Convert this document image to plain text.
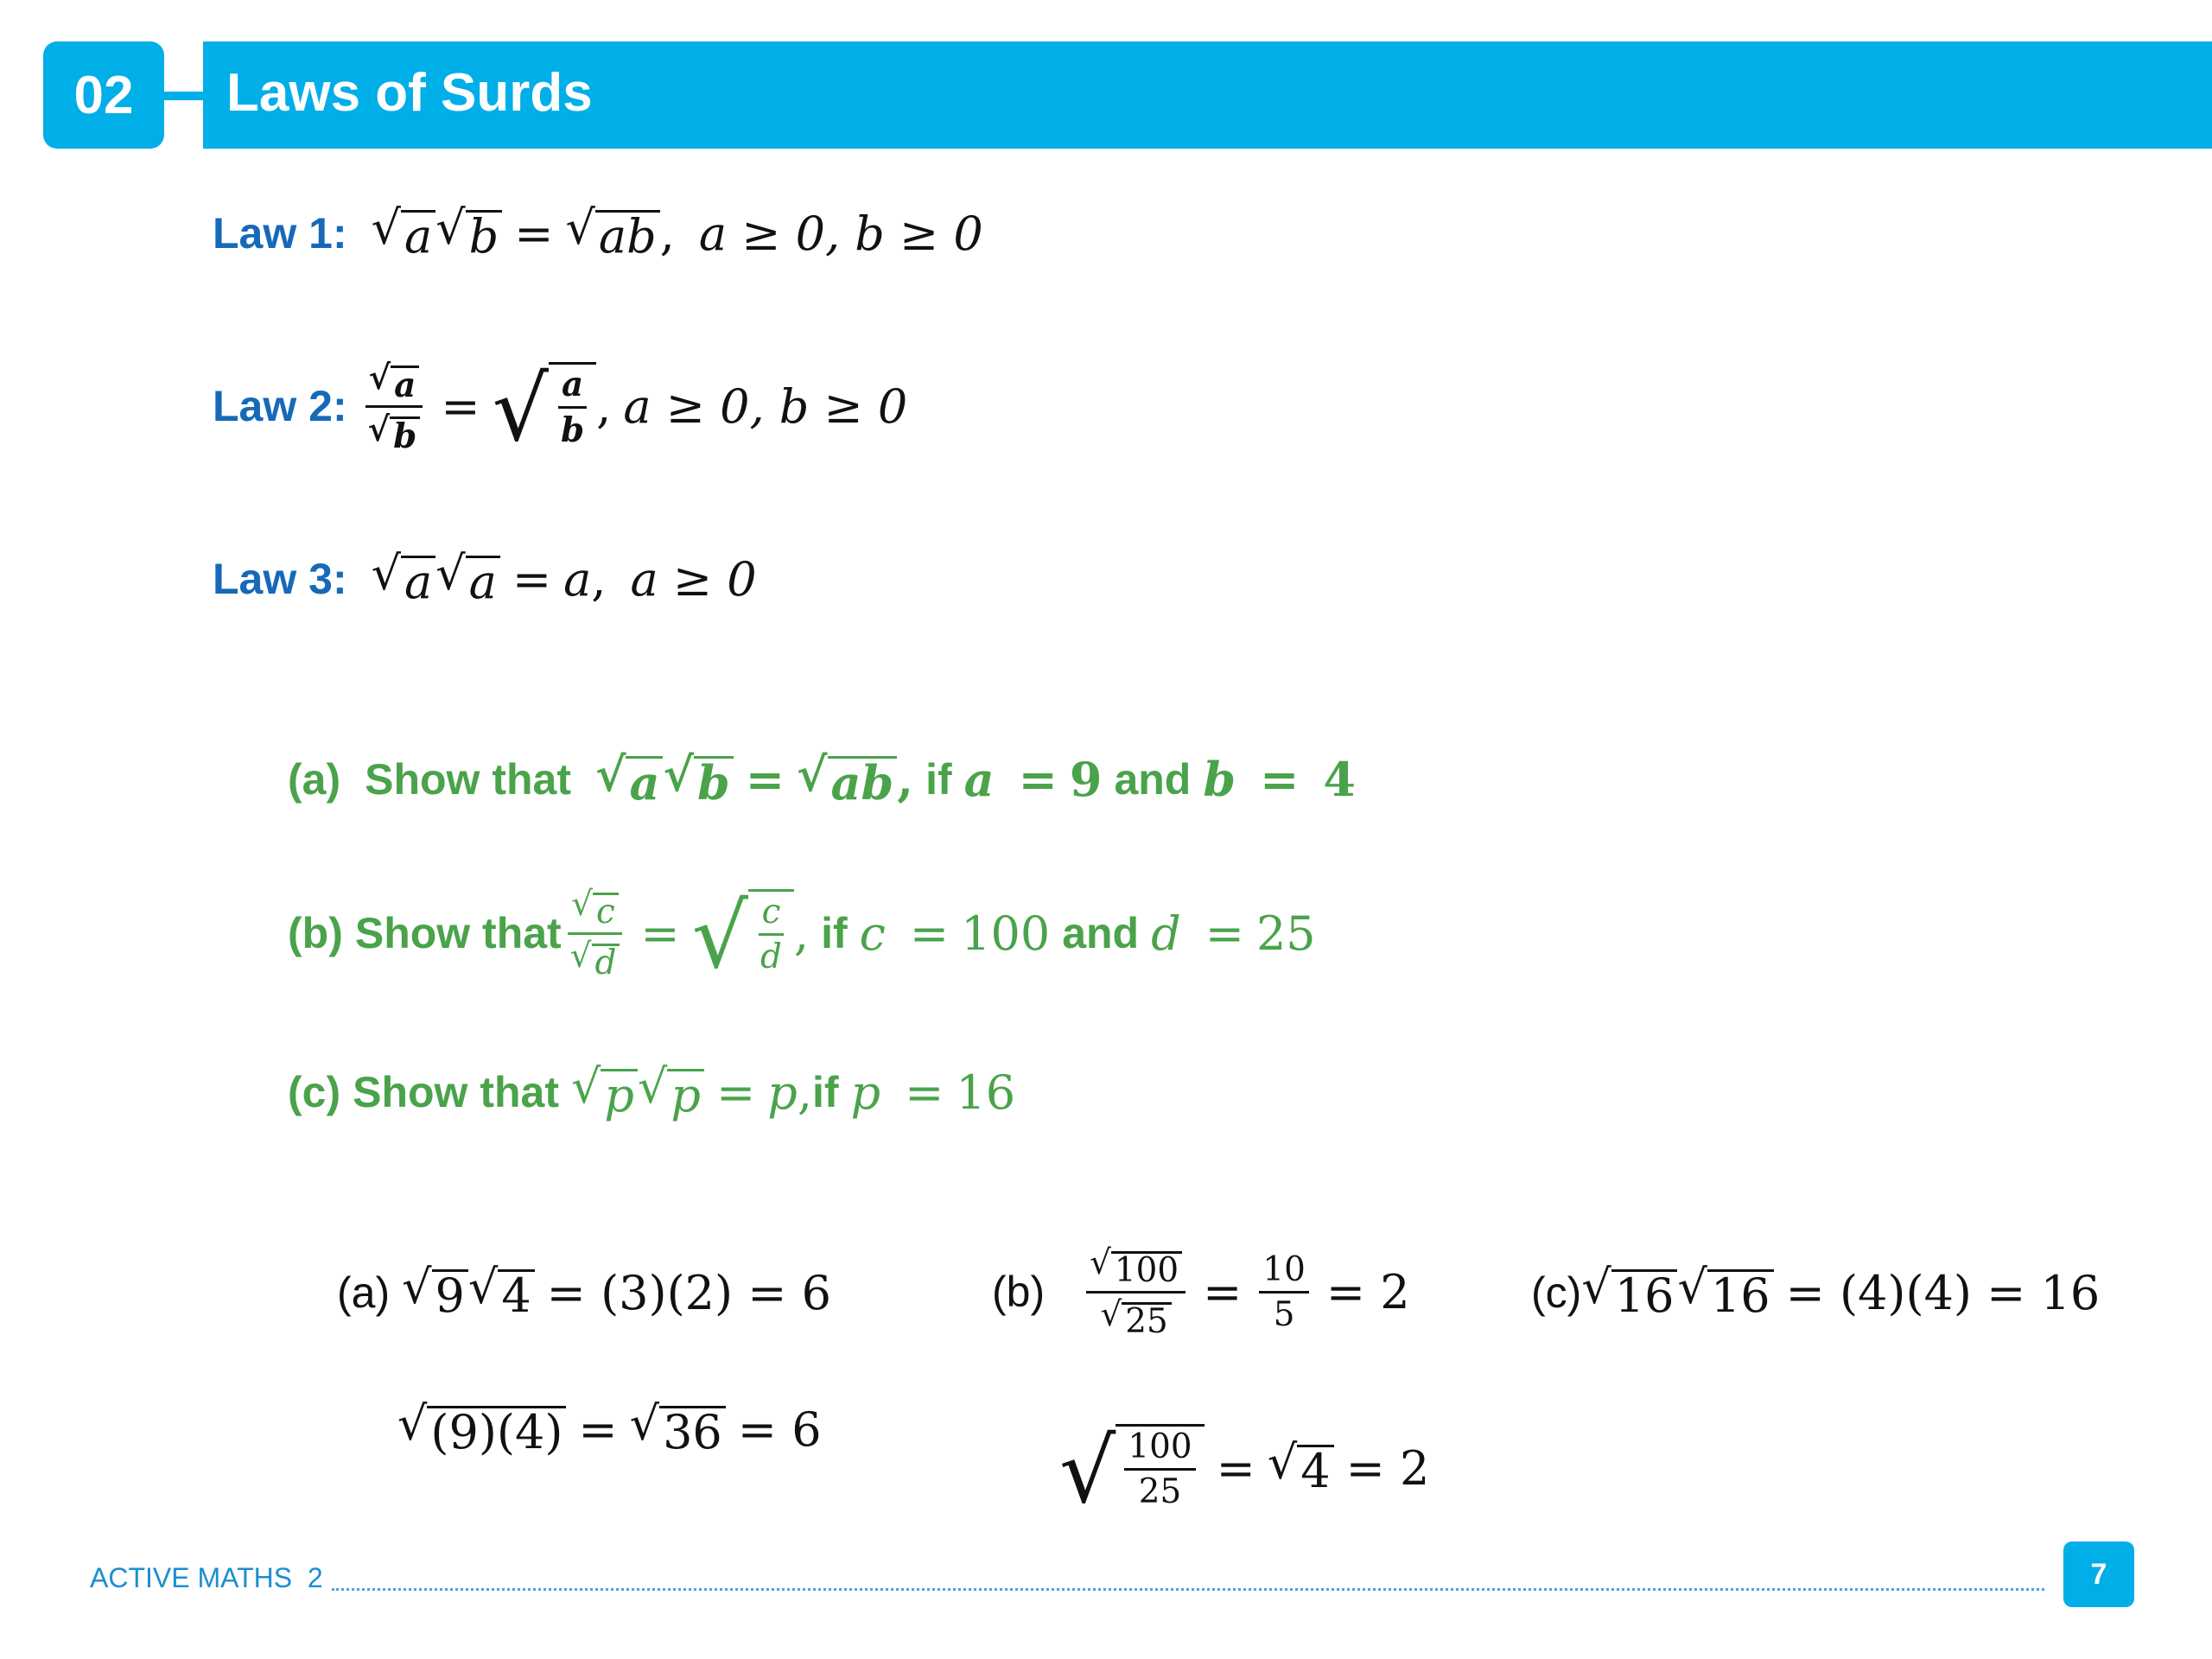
02	Laws of Surds
Law 1: √ a √ b = √ ab , a ≥ 0, b ≥ 0
Law 2: $\frac{√ a}{√ b}$ = √ $\frac{a}{b}$ , a ≥ 0, b ≥ 0
Law 3: √ a √ a = a , a ≥ 0
(a) Show that √ a √ b = √ ab , if a = 9 and b = 4
(b) Show that $\frac{√ c}{√ d}$ = √ $\frac{c}{d}$ , if c = 100 and d = 25
(c) Show that √ p √ p = p , if p = 16
(a) √ 9 √ 4 = (3)(2) = 6
√ (9)(4) = √ 36 = 6
$(b) \frac{√ 100}{√ 25} = \frac{10}{5} = 2$
√ $\frac{100}{25}$ = √ 4 = 2
(c) √ 16 √ 16 = (4)(4) = 16
ACTIVE MATHS  2	7
